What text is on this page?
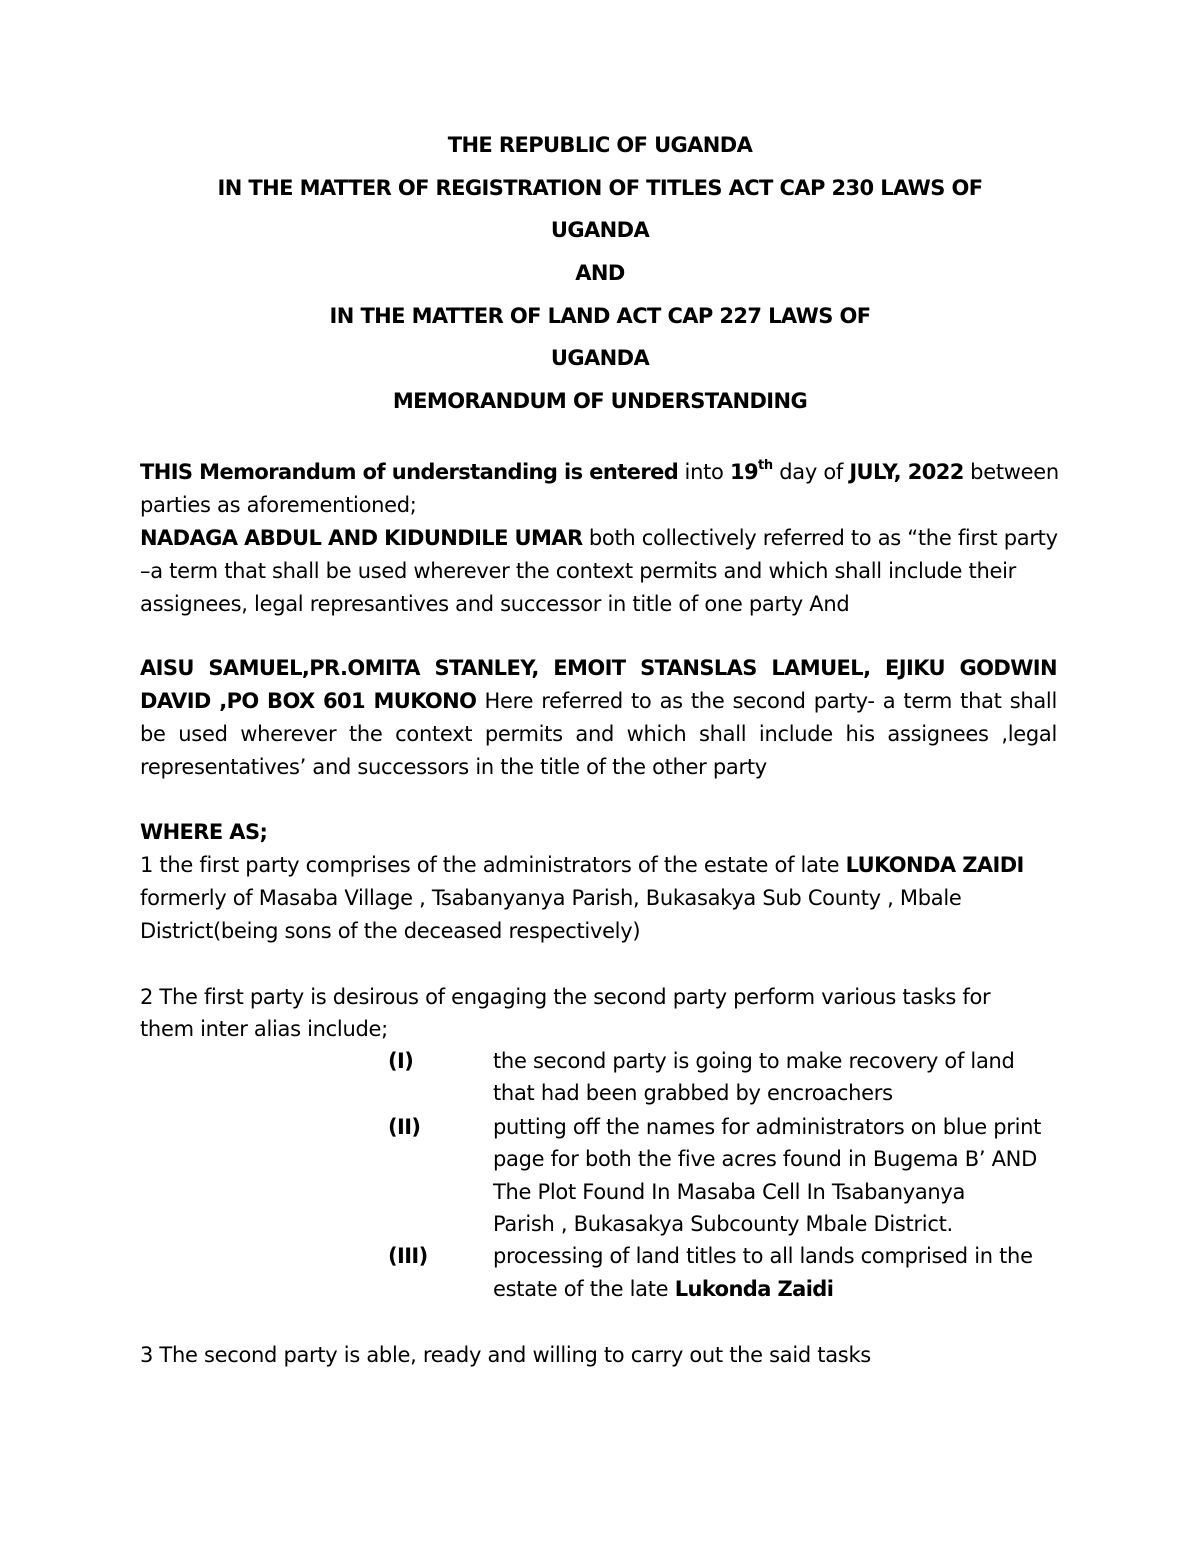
THE REPUBLIC OF UGANDA
IN THE MATTER OF REGISTRATION OF TITLES ACT CAP 230 LAWS OF
UGANDA
AND
IN THE MATTER OF LAND ACT CAP 227 LAWS OF
UGANDA
MEMORANDUM OF UNDERSTANDING
THIS Memorandum of understanding is entered into 19th day of JULY, 2022 between
parties as aforementioned;
NADAGA ABDUL AND KIDUNDILE UMAR both collectively referred to as “the first party
–a term that shall be used wherever the context permits and which shall include their
assignees, legal represantives and successor in title of one party And
AISU SAMUEL,PR.OMITA STANLEY, EMOIT STANSLAS LAMUEL, EJIKU GODWIN
DAVID ,PO BOX 601 MUKONO Here referred to as the second party- a term that shall
be used wherever the context permits and which shall include his assignees ,legal
representatives’ and successors in the title of the other party
WHERE AS;
1 the first party comprises of the administrators of the estate of late LUKONDA ZAIDI
formerly of Masaba Village , Tsabanyanya Parish, Bukasakya Sub County , Mbale
District(being sons of the deceased respectively)
2 The first party is desirous of engaging the second party perform various tasks for
them inter alias include;
(I)	the second party is going to make recovery of land
that had been grabbed by encroachers
(II)	putting off the names for administrators on blue print
page for both the five acres found in Bugema B’ AND
The Plot Found In Masaba Cell In Tsabanyanya
Parish , Bukasakya Subcounty Mbale District.
(III)	processing of land titles to all lands comprised in the
estate of the late Lukonda Zaidi
3 The second party is able, ready and willing to carry out the said tasks
